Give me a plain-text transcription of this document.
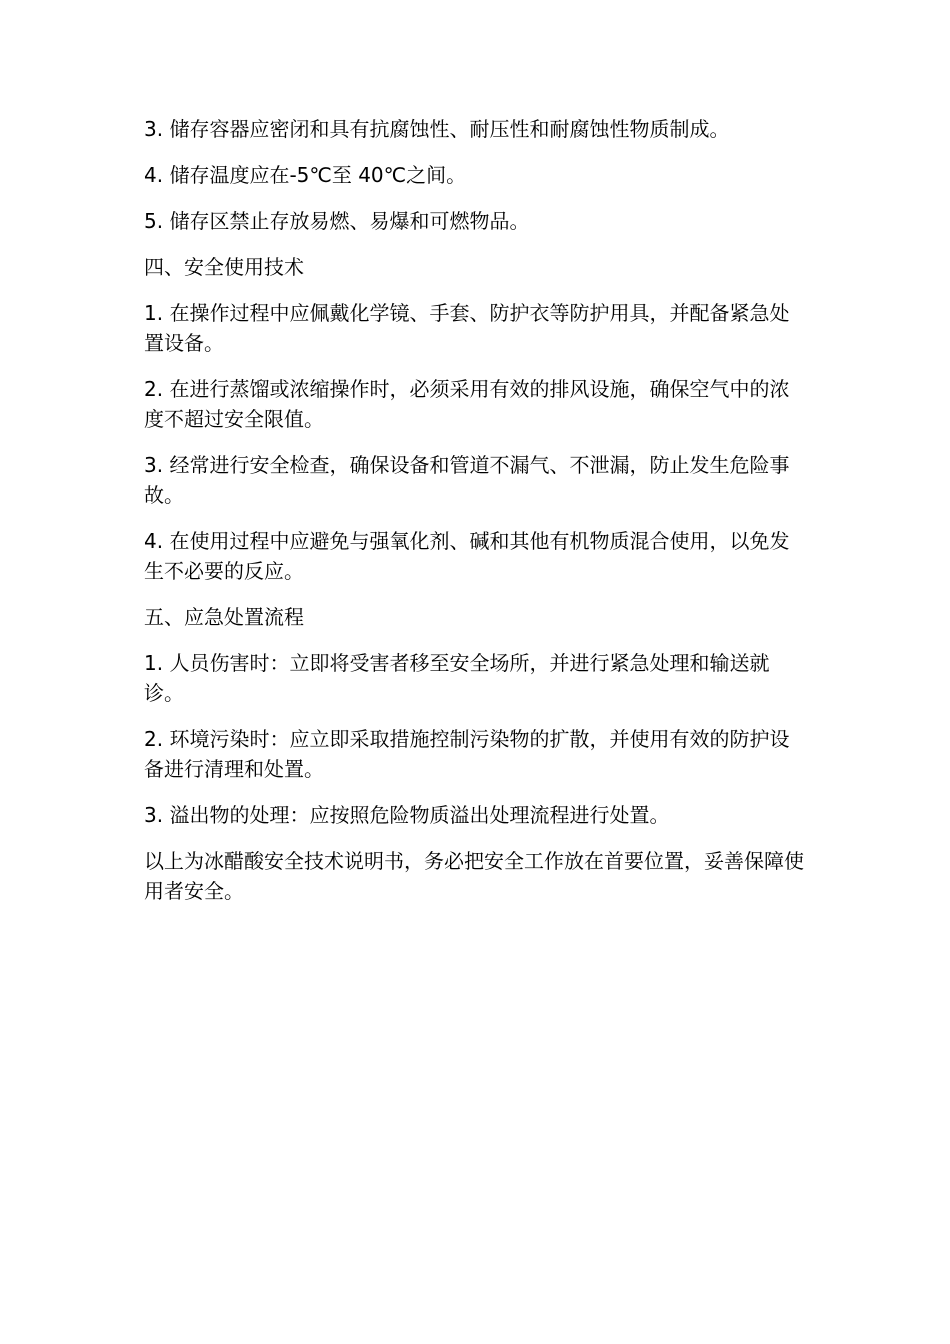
3. 储存容器应密闭和具有抗腐蚀性、耐压性和耐腐蚀性物质制成。

4. 储存温度应在-5℃至 40℃之间。

5. 储存区禁止存放易燃、易爆和可燃物品。

四、安全使用技术

1. 在操作过程中应佩戴化学镜、手套、防护衣等防护用具，并配备紧急处置设备。

2. 在进行蒸馏或浓缩操作时，必须采用有效的排风设施，确保空气中的浓度不超过安全限值。

3. 经常进行安全检查，确保设备和管道不漏气、不泄漏，防止发生危险事故。

4. 在使用过程中应避免与强氧化剂、碱和其他有机物质混合使用，以免发生不必要的反应。

五、应急处置流程

1. 人员伤害时：立即将受害者移至安全场所，并进行紧急处理和输送就诊。

2. 环境污染时：应立即采取措施控制污染物的扩散，并使用有效的防护设备进行清理和处置。

3. 溢出物的处理：应按照危险物质溢出处理流程进行处置。

以上为冰醋酸安全技术说明书，务必把安全工作放在首要位置，妥善保障使用者安全。
